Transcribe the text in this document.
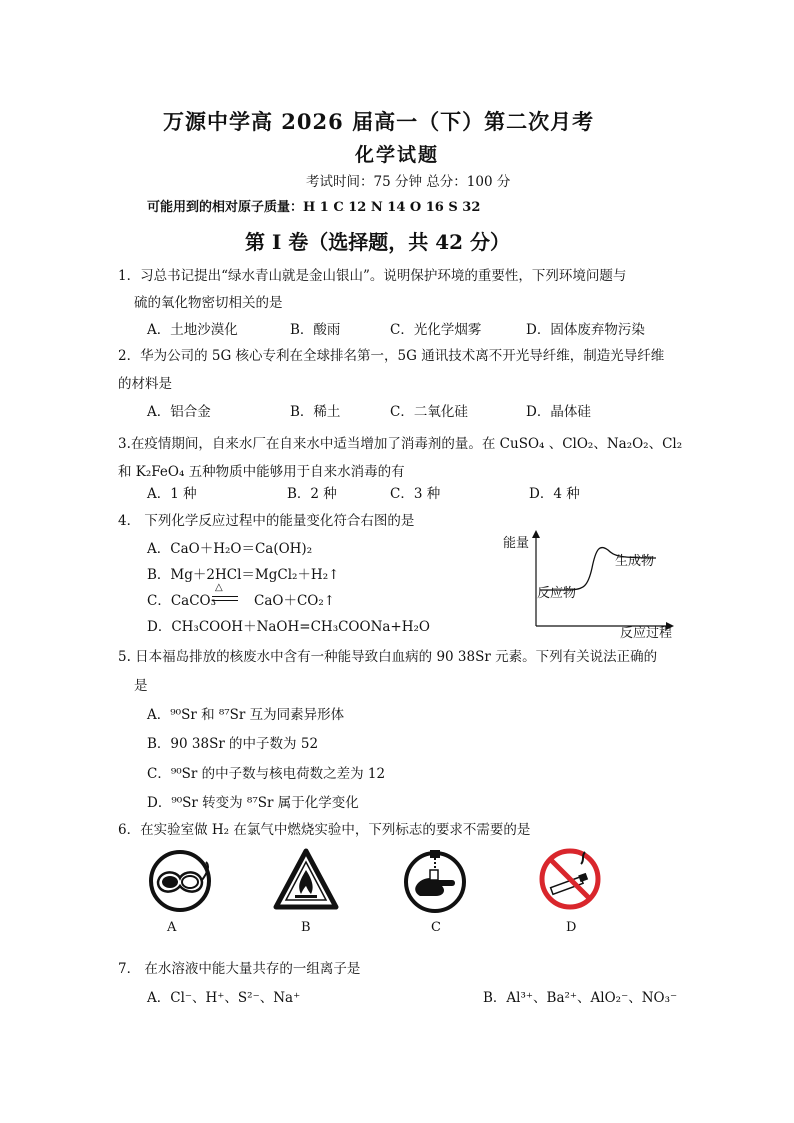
万源中学高 2026 届高一（下）第二次月考
化学试题
考试时间：75 分钟 总分：100 分
可能用到的相对原子质量：H 1 C 12 N 14 O 16 S 32
第 I 卷（选择题，共 42 分）
1．习总书记提出“绿水青山就是金山银山”。说明保护环境的重要性，下列环境问题与
硫的氧化物密切相关的是
A．土地沙漠化	B．酸雨	C．光化学烟雾	D．固体废弃物污染
2．华为公司的 5G 核心专利在全球排名第一，5G 通讯技术离不开光导纤维，制造光导纤维
的材料是
A．铝合金	B．稀土	C．二氧化硅	D．晶体硅
3.在疫情期间，自来水厂在自来水中适当增加了消毒剂的量。在 CuSO₄ 、ClO₂、Na₂O₂、Cl₂
和 K₂FeO₄ 五种物质中能够用于自来水消毒的有
A．1 种	B．2 种	C．3 种	D．4 种
4． 下列化学反应过程中的能量变化符合右图的是
A．CaO＋H₂O＝Ca(OH)₂
B．Mg＋2HCl＝MgCl₂＋H₂↑
C．CaCO₃
△
CaO＋CO₂↑
D．CH₃COOH＋NaOH=CH₃COONa+H₂O
能量
反应过程
反应物
生成物
5. 日本福岛排放的核废水中含有一种能导致白血病的 90 38Sr 元素。下列有关说法正确的
是
A．⁹⁰Sr 和 ⁸⁷Sr 互为同素异形体
B．90 38Sr 的中子数为 52
C．⁹⁰Sr 的中子数与核电荷数之差为 12
D．⁹⁰Sr 转变为 ⁸⁷Sr 属于化学变化
6．在实验室做 H₂ 在氯气中燃烧实验中，下列标志的要求不需要的是
A	B	C	D
7． 在水溶液中能大量共存的一组离子是
A．Cl⁻、H⁺、S²⁻、Na⁺	B．Al³⁺、Ba²⁺、AlO₂⁻、NO₃⁻
